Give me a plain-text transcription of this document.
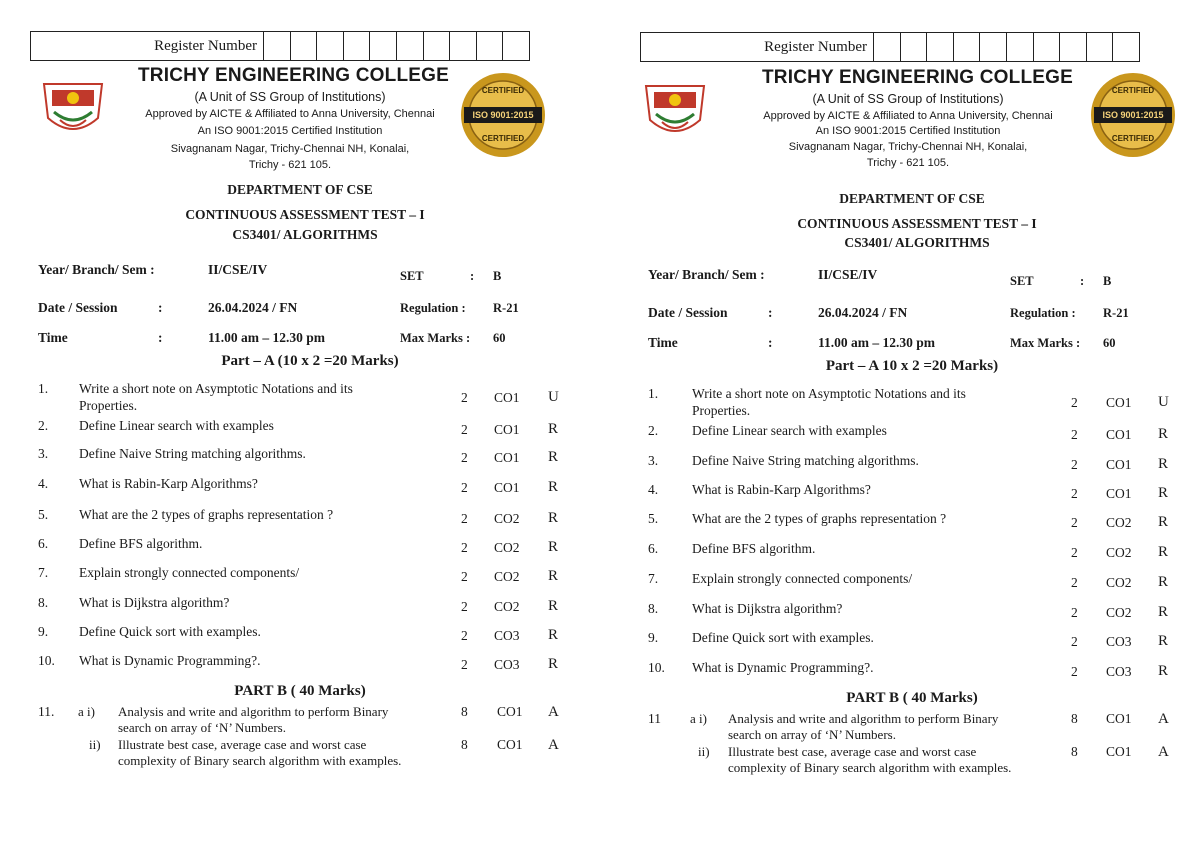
Register Number
TRICHY ENGINEERING COLLEGE
(A Unit of SS Group of Institutions)
Approved by AICTE & Affiliated to Anna University, Chennai
An ISO 9001:2015 Certified Institution
Sivagnanam Nagar, Trichy-Chennai NH, Konalai,
Trichy - 621 105.
CERTIFIED
ISO 9001:2015
CERTIFIED
DEPARTMENT OF CSE
CONTINUOUS ASSESSMENT TEST – I
CS3401/ ALGORITHMS
Year/ Branch/ Sem :	II/CSE/IV	SET	: B
Date / Session	:	26.04.2024 / FN	Regulation : R-21
Time	:	11.00 am – 12.30 pm	Max Marks : 60
Part – A (10 x 2 =20 Marks)
1. Write a short note on Asymptotic Notations and its
Properties.
2 CO1 U
2. Define Linear search with examples	2 CO1 R
3. Define Naive String matching algorithms.	2 CO1 R
4. What is Rabin-Karp Algorithms?	2 CO1 R
5. What are the 2 types of graphs representation ?	2 CO2 R
6. Define BFS algorithm.	2 CO2 R
7. Explain strongly connected components/	2 CO2 R
8. What is Dijkstra algorithm?	2 CO2 R
9. Define Quick sort with examples.	2 CO3 R
10. What is Dynamic Programming?.	2 CO3 R
PART B ( 40 Marks)
11. a i) Analysis and write and algorithm to perform Binary
search on array of ‘N’ Numbers.
8 CO1 A
ii) Illustrate best case, average case and worst case
complexity of Binary search algorithm with examples.
8 CO1 A
Register Number
TRICHY ENGINEERING COLLEGE
(A Unit of SS Group of Institutions)
Approved by AICTE & Affiliated to Anna University, Chennai
An ISO 9001:2015 Certified Institution
Sivagnanam Nagar, Trichy-Chennai NH, Konalai,
Trichy - 621 105.
CERTIFIED
ISO 9001:2015
CERTIFIED
DEPARTMENT OF CSE
CONTINUOUS ASSESSMENT TEST – I
CS3401/ ALGORITHMS
Year/ Branch/ Sem :	II/CSE/IV	SET	: B
Date / Session	:	26.04.2024 / FN	Regulation : R-21
Time	:	11.00 am – 12.30 pm	Max Marks : 60
Part – A 10 x 2 =20 Marks)
1.	Write a short note on Asymptotic Notations and its
Properties.
2 CO1 U
2.	Define Linear search with examples	2 CO1 R
3.	Define Naive String matching algorithms.	2 CO1 R
4.	What is Rabin-Karp Algorithms?	2 CO1 R
5.	What are the 2 types of graphs representation ?	2 CO2 R
6.	Define BFS algorithm.	2 CO2 R
7.	Explain strongly connected components/	2 CO2 R
8.	What is Dijkstra algorithm?	2 CO2 R
9.	Define Quick sort with examples.	2 CO3 R
10. What is Dynamic Programming?.	2 CO3 R
PART B ( 40 Marks)
11 a i) Analysis and write and algorithm to perform Binary
search on array of ‘N’ Numbers.
8 CO1 A
ii) Illustrate best case, average case and worst case
complexity of Binary search algorithm with examples.
8 CO1 A
